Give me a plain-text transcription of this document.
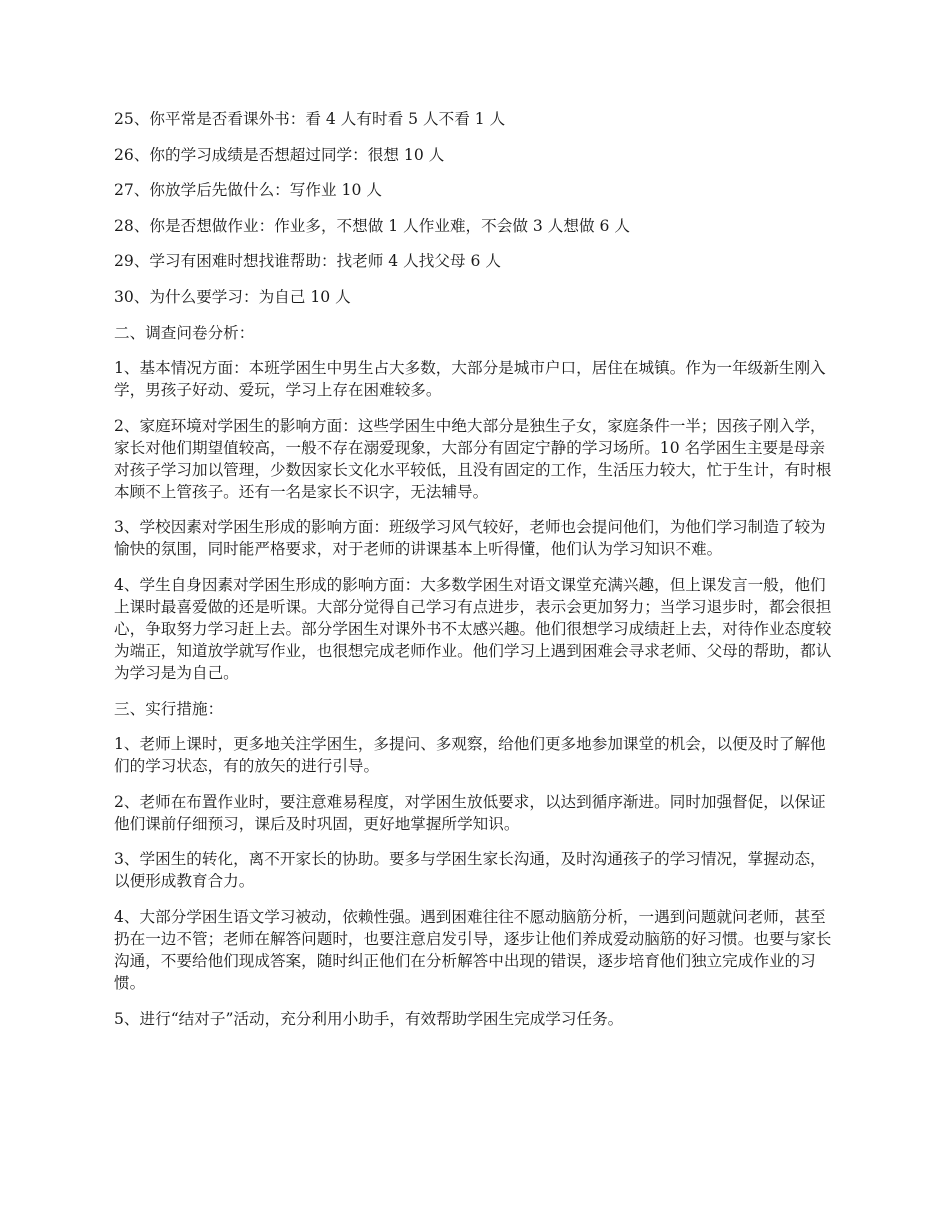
25、你平常是否看课外书：看 4 人有时看 5 人不看 1 人

26、你的学习成绩是否想超过同学：很想 10 人

27、你放学后先做什么：写作业 10 人

28、你是否想做作业：作业多，不想做 1 人作业难，不会做 3 人想做 6 人

29、学习有困难时想找谁帮助：找老师 4 人找父母 6 人

30、为什么要学习：为自己 10 人

二、调查问卷分析：

1、基本情况方面：本班学困生中男生占大多数，大部分是城市户口，居住在城镇。作为一年级新生刚入学，男孩子好动、爱玩，学习上存在困难较多。

2、家庭环境对学困生的影响方面：这些学困生中绝大部分是独生子女，家庭条件一半；因孩子刚入学，家长对他们期望值较高，一般不存在溺爱现象，大部分有固定宁静的学习场所。10 名学困生主要是母亲对孩子学习加以管理，少数因家长文化水平较低，且没有固定的工作，生活压力较大，忙于生计，有时根本顾不上管孩子。还有一名是家长不识字，无法辅导。

3、学校因素对学困生形成的影响方面：班级学习风气较好，老师也会提问他们，为他们学习制造了较为愉快的氛围，同时能严格要求，对于老师的讲课基本上听得懂，他们认为学习知识不难。

4、学生自身因素对学困生形成的影响方面：大多数学困生对语文课堂充满兴趣，但上课发言一般，他们上课时最喜爱做的还是听课。大部分觉得自己学习有点进步，表示会更加努力；当学习退步时，都会很担心，争取努力学习赶上去。部分学困生对课外书不太感兴趣。他们很想学习成绩赶上去，对待作业态度较为端正，知道放学就写作业，也很想完成老师作业。他们学习上遇到困难会寻求老师、父母的帮助，都认为学习是为自己。

三、实行措施：

1、老师上课时，更多地关注学困生，多提问、多观察，给他们更多地参加课堂的机会，以便及时了解他们的学习状态，有的放矢的进行引导。

2、老师在布置作业时，要注意难易程度，对学困生放低要求，以达到循序渐进。同时加强督促，以保证他们课前仔细预习，课后及时巩固，更好地掌握所学知识。

3、学困生的转化，离不开家长的协助。要多与学困生家长沟通，及时沟通孩子的学习情况，掌握动态，以便形成教育合力。

4、大部分学困生语文学习被动，依赖性强。遇到困难往往不愿动脑筋分析，一遇到问题就问老师，甚至扔在一边不管；老师在解答问题时，也要注意启发引导，逐步让他们养成爱动脑筋的好习惯。也要与家长沟通，不要给他们现成答案，随时纠正他们在分析解答中出现的错误，逐步培育他们独立完成作业的习惯。

5、进行“结对子”活动，充分利用小助手，有效帮助学困生完成学习任务。
